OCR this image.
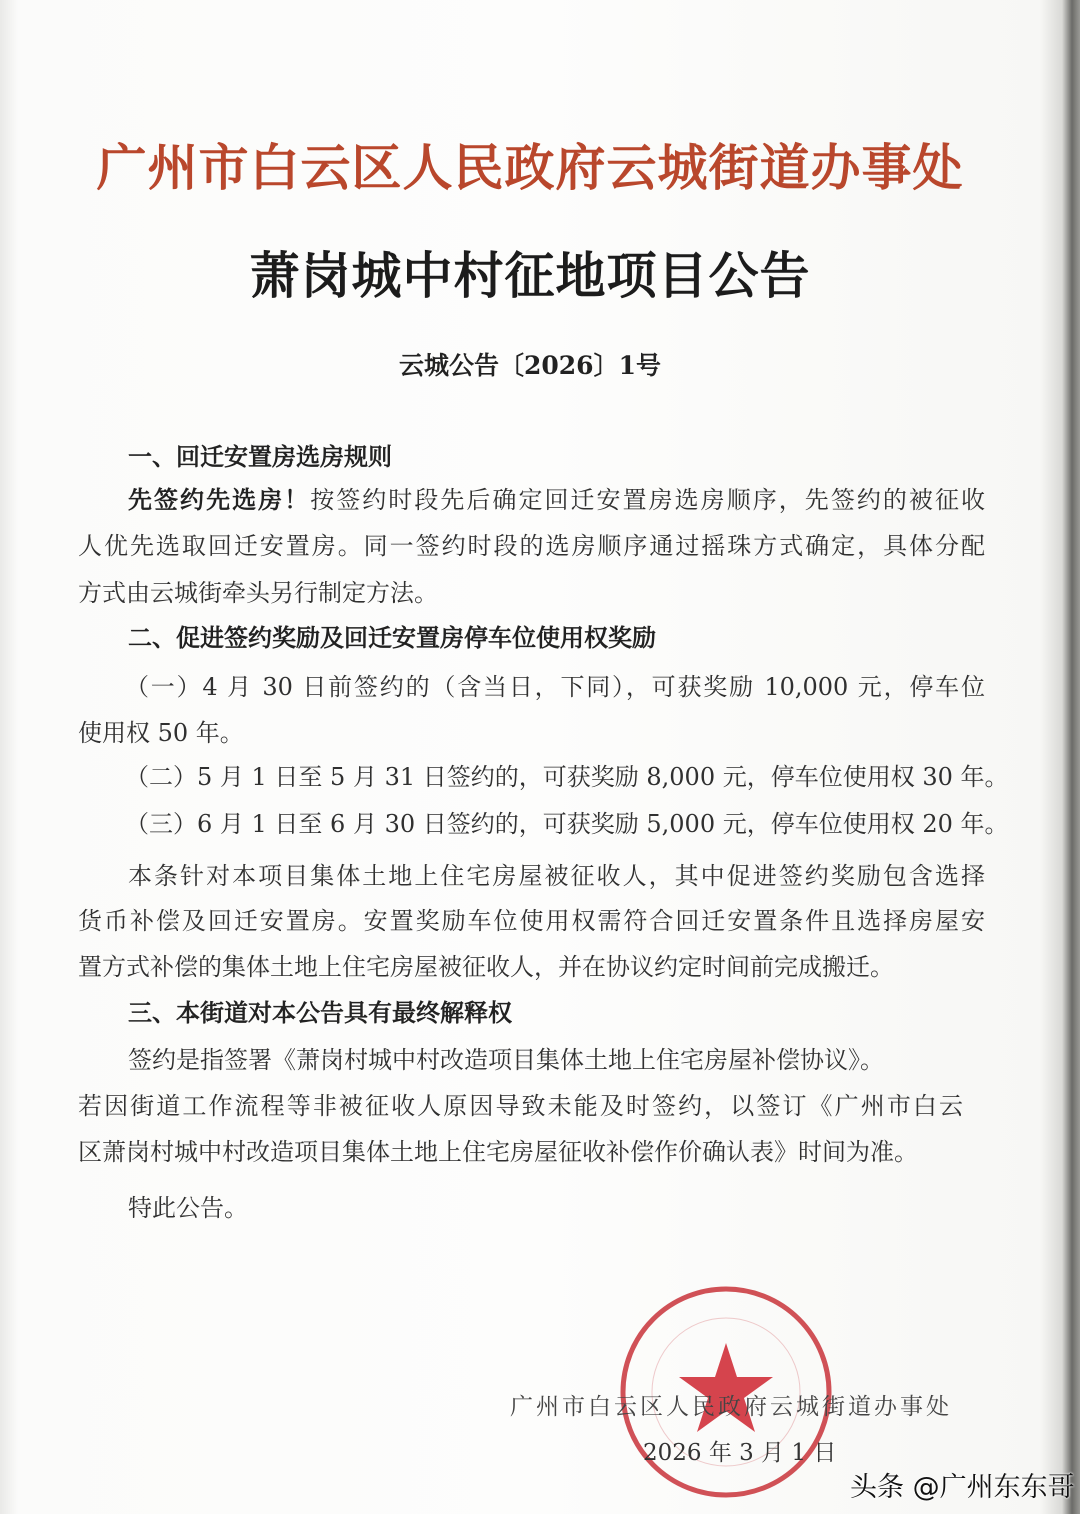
广州市白云区人民政府云城街道办事处
萧岗城中村征地项目公告
云城公告〔2026〕1号
一、回迁安置房选房规则
先签约先选房！按签约时段先后确定回迁安置房选房顺序，先签约的被征收
人优先选取回迁安置房。同一签约时段的选房顺序通过摇珠方式确定，具体分配
方式由云城街牵头另行制定方法。
二、促进签约奖励及回迁安置房停车位使用权奖励
（一）4 月 30 日前签约的（含当日，下同），可获奖励 10,000 元，停车位
使用权 50 年。
（二）5 月 1 日至 5 月 31 日签约的，可获奖励 8,000 元，停车位使用权 30 年。
（三）6 月 1 日至 6 月 30 日签约的，可获奖励 5,000 元，停车位使用权 20 年。
本条针对本项目集体土地上住宅房屋被征收人，其中促进签约奖励包含选择
货币补偿及回迁安置房。安置奖励车位使用权需符合回迁安置条件且选择房屋安
置方式补偿的集体土地上住宅房屋被征收人，并在协议约定时间前完成搬迁。
三、本街道对本公告具有最终解释权
签约是指签署《萧岗村城中村改造项目集体土地上住宅房屋补偿协议》。
若因街道工作流程等非被征收人原因导致未能及时签约，以签订《广州市白云
区萧岗村城中村改造项目集体土地上住宅房屋征收补偿作价确认表》时间为准。
特此公告。
广州市白云区人民政府云城街道办事处
2026 年 3 月 1 日
头条 @广州东东哥
